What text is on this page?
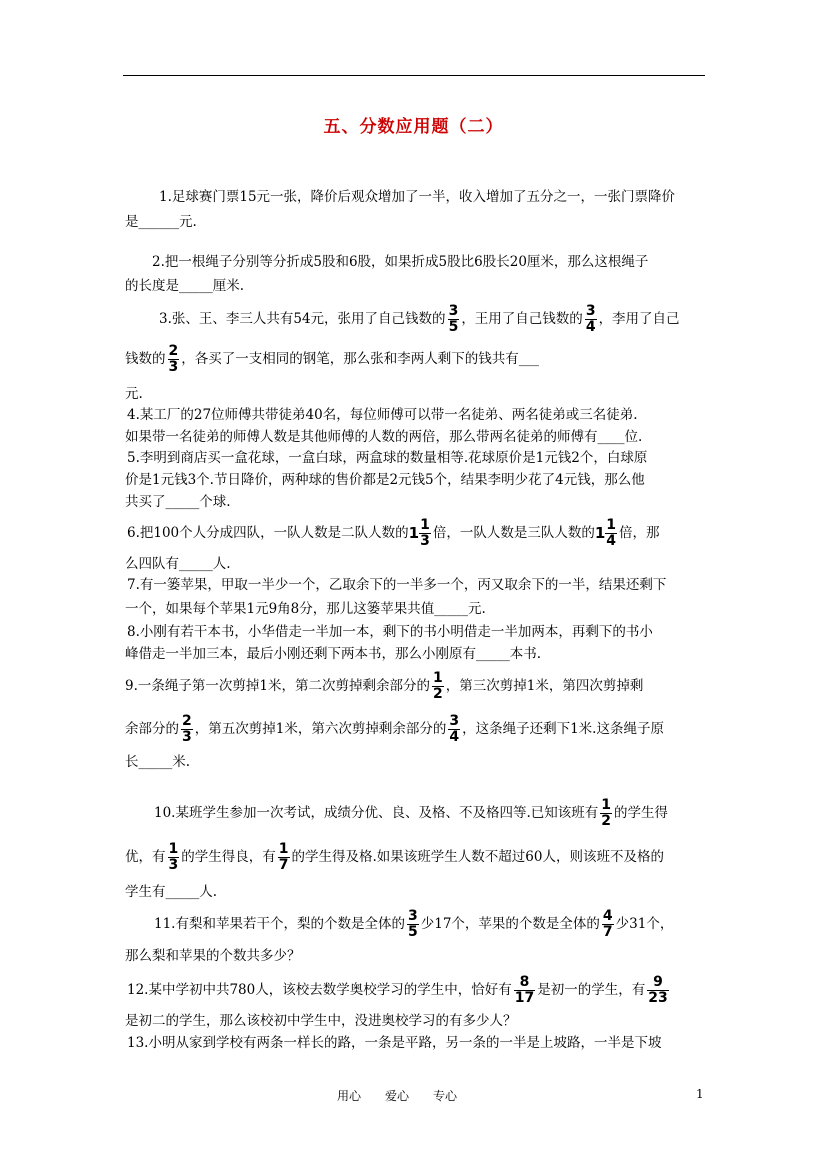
五、分数应用题（二）
1.足球赛门票15元一张，降价后观众增加了一半，收入增加了五分之一，一张门票降价
是______元.
2.把一根绳子分别等分折成5股和6股，如果折成5股比6股长20厘米，那么这根绳子
的长度是_____厘米.
3.张、王、李三人共有54元，张用了自己钱数的 $\frac{3}{5}$ ，王用了自己钱数的 $\frac{3}{4}$ ，李用了自己
钱数的 $\frac{2}{3}$ ，各买了一支相同的钢笔，那么张和李两人剩下的钱共有___
元.
4.某工厂的27位师傅共带徒弟40名，每位师傅可以带一名徒弟、两名徒弟或三名徒弟.
如果带一名徒弟的师傅人数是其他师傅的人数的两倍，那么带两名徒弟的师傅有____位.
5.李明到商店买一盒花球，一盒白球，两盒球的数量相等.花球原价是1元钱2个，白球原
价是1元钱3个.节日降价，两种球的售价都是2元钱5个，结果李明少花了4元钱，那么他
共买了_____个球.
6.把100个人分成四队，一队人数是二队人数的 $1 \frac{1}{3}$ 倍，一队人数是三队人数的 $1 \frac{1}{4}$ 倍，那
么四队有_____人.
7.有一篓苹果，甲取一半少一个，乙取余下的一半多一个，丙又取余下的一半，结果还剩下
一个，如果每个苹果1元9角8分，那儿这篓苹果共值_____元.
8.小刚有若干本书，小华借走一半加一本，剩下的书小明借走一半加两本，再剩下的书小
峰借走一半加三本，最后小刚还剩下两本书，那么小刚原有_____本书.
9.一条绳子第一次剪掉1米，第二次剪掉剩余部分的 $\frac{1}{2}$ ，第三次剪掉1米，第四次剪掉剩
余部分的 $\frac{2}{3}$ ，第五次剪掉1米，第六次剪掉剩余部分的 $\frac{3}{4}$ ，这条绳子还剩下1米.这条绳子原
长_____米.
10.某班学生参加一次考试，成绩分优、良、及格、不及格四等.已知该班有 $\frac{1}{2}$ 的学生得
优，有 $\frac{1}{3}$ 的学生得良，有 $\frac{1}{7}$ 的学生得及格.如果该班学生人数不超过60人，则该班不及格的
学生有_____人.
11.有梨和苹果若干个，梨的个数是全体的 $\frac{3}{5}$ 少17个，苹果的个数是全体的 $\frac{4}{7}$ 少31个，
那么梨和苹果的个数共多少？
12.某中学初中共780人，该校去数学奥校学习的学生中，恰好有 $\frac{8}{17}$ 是初一的学生，有 $\frac{9}{23}$
是初二的学生，那么该校初中学生中，没进奥校学习的有多少人？
13.小明从家到学校有两条一样长的路，一条是平路，另一条的一半是上坡路，一半是下坡
用心　　爱心　　专心	1
